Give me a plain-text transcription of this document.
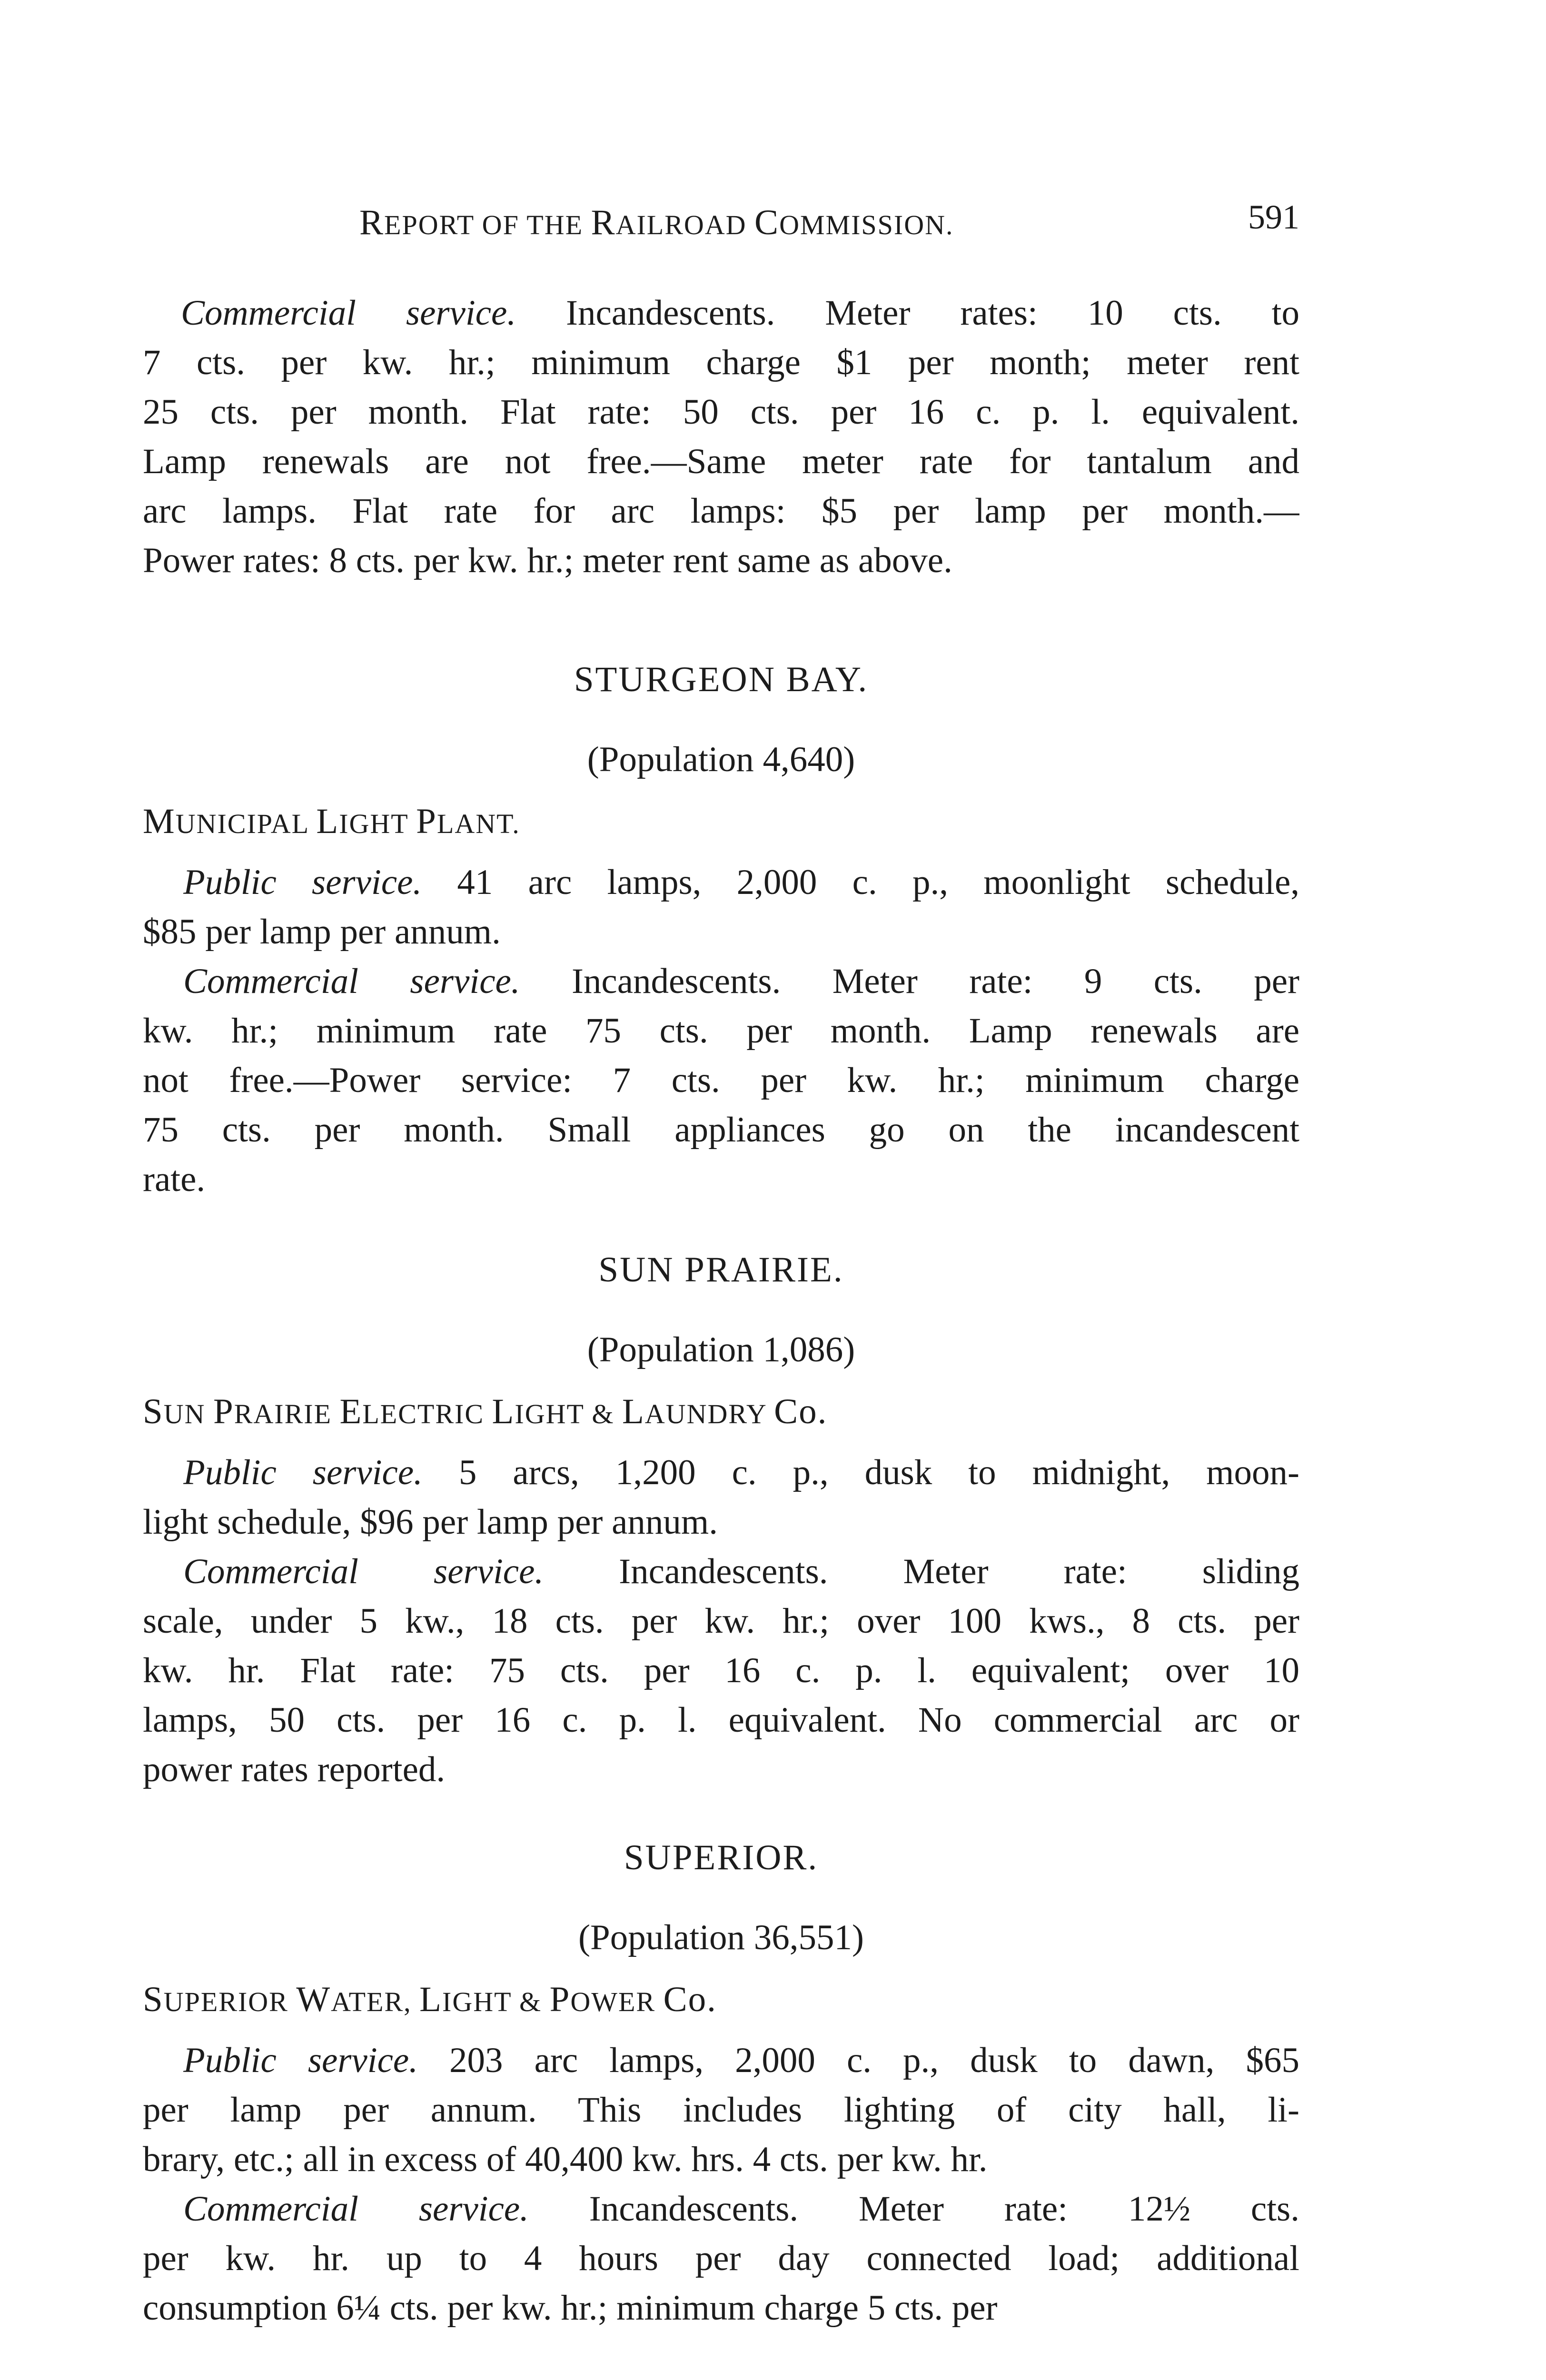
REPORT OF THE RAILROAD COMMISSION.	591
Commercial service. Incandescents. Meter rates: 10 cts. to
7 cts. per kw. hr.; minimum charge $1 per month; meter rent
25 cts. per month. Flat rate: 50 cts. per 16 c. p. l. equivalent.
Lamp renewals are not free.—Same meter rate for tantalum and
arc lamps. Flat rate for arc lamps: $5 per lamp per month.—
Power rates: 8 cts. per kw. hr.; meter rent same as above.
STURGEON BAY.
(Population 4,640)
MUNICIPAL LIGHT PLANT.
Public service. 41 arc lamps, 2,000 c. p., moonlight schedule,
$85 per lamp per annum.
Commercial service. Incandescents. Meter rate: 9 cts. per
kw. hr.; minimum rate 75 cts. per month. Lamp renewals are
not free.—Power service: 7 cts. per kw. hr.; minimum charge
75 cts. per month. Small appliances go on the incandescent
rate.
SUN PRAIRIE.
(Population 1,086)
SUN PRAIRIE ELECTRIC LIGHT & LAUNDRY Co.
Public service. 5 arcs, 1,200 c. p., dusk to midnight, moon-
light schedule, $96 per lamp per annum.
Commercial service. Incandescents. Meter rate: sliding
scale, under 5 kw., 18 cts. per kw. hr.; over 100 kws., 8 cts. per
kw. hr. Flat rate: 75 cts. per 16 c. p. l. equivalent; over 10
lamps, 50 cts. per 16 c. p. l. equivalent. No commercial arc or
power rates reported.
SUPERIOR.
(Population 36,551)
SUPERIOR WATER, LIGHT & POWER Co.
Public service. 203 arc lamps, 2,000 c. p., dusk to dawn, $65
per lamp per annum. This includes lighting of city hall, li-
brary, etc.; all in excess of 40,400 kw. hrs. 4 cts. per kw. hr.
Commercial service. Incandescents. Meter rate: 12½ cts.
per kw. hr. up to 4 hours per day connected load; additional
consumption 6¼ cts. per kw. hr.; minimum charge 5 cts. per
